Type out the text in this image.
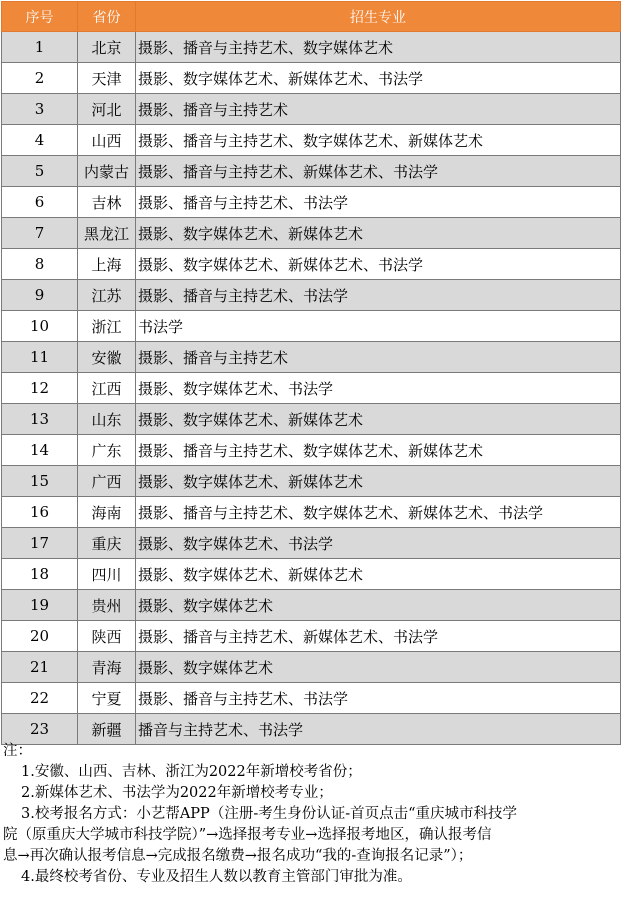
序号	省份	招生专业
1	北京	摄影、播音与主持艺术、数字媒体艺术
2	天津	摄影、数字媒体艺术、新媒体艺术、书法学
3	河北	摄影、播音与主持艺术
4	山西	摄影、播音与主持艺术、数字媒体艺术、新媒体艺术
5	内蒙古	摄影、播音与主持艺术、新媒体艺术、书法学
6	吉林	摄影、播音与主持艺术、书法学
7	黑龙江	摄影、数字媒体艺术、新媒体艺术
8	上海	摄影、数字媒体艺术、新媒体艺术、书法学
9	江苏	摄影、播音与主持艺术、书法学
10	浙江	书法学
11	安徽	摄影、播音与主持艺术
12	江西	摄影、数字媒体艺术、书法学
13	山东	摄影、数字媒体艺术、新媒体艺术
14	广东	摄影、播音与主持艺术、数字媒体艺术、新媒体艺术
15	广西	摄影、数字媒体艺术、新媒体艺术
16	海南	摄影、播音与主持艺术、数字媒体艺术、新媒体艺术、书法学
17	重庆	摄影、数字媒体艺术、书法学
18	四川	摄影、数字媒体艺术、新媒体艺术
19	贵州	摄影、数字媒体艺术
20	陕西	摄影、播音与主持艺术、新媒体艺术、书法学
21	青海	摄影、数字媒体艺术
22	宁夏	摄影、播音与主持艺术、书法学
23	新疆	播音与主持艺术、书法学

注：

1.安徽、山西、吉林、浙江为2022年新增校考省份；

2.新媒体艺术、书法学为2022年新增校考专业；

3.校考报名方式：小艺帮APP（注册-考生身份认证-首页点击“重庆城市科技学

院（原重庆大学城市科技学院）”→选择报考专业→选择报考地区，确认报考信

息→再次确认报考信息→完成报名缴费→报名成功“我的-查询报名记录”）；

4.最终校考省份、专业及招生人数以教育主管部门审批为准。
